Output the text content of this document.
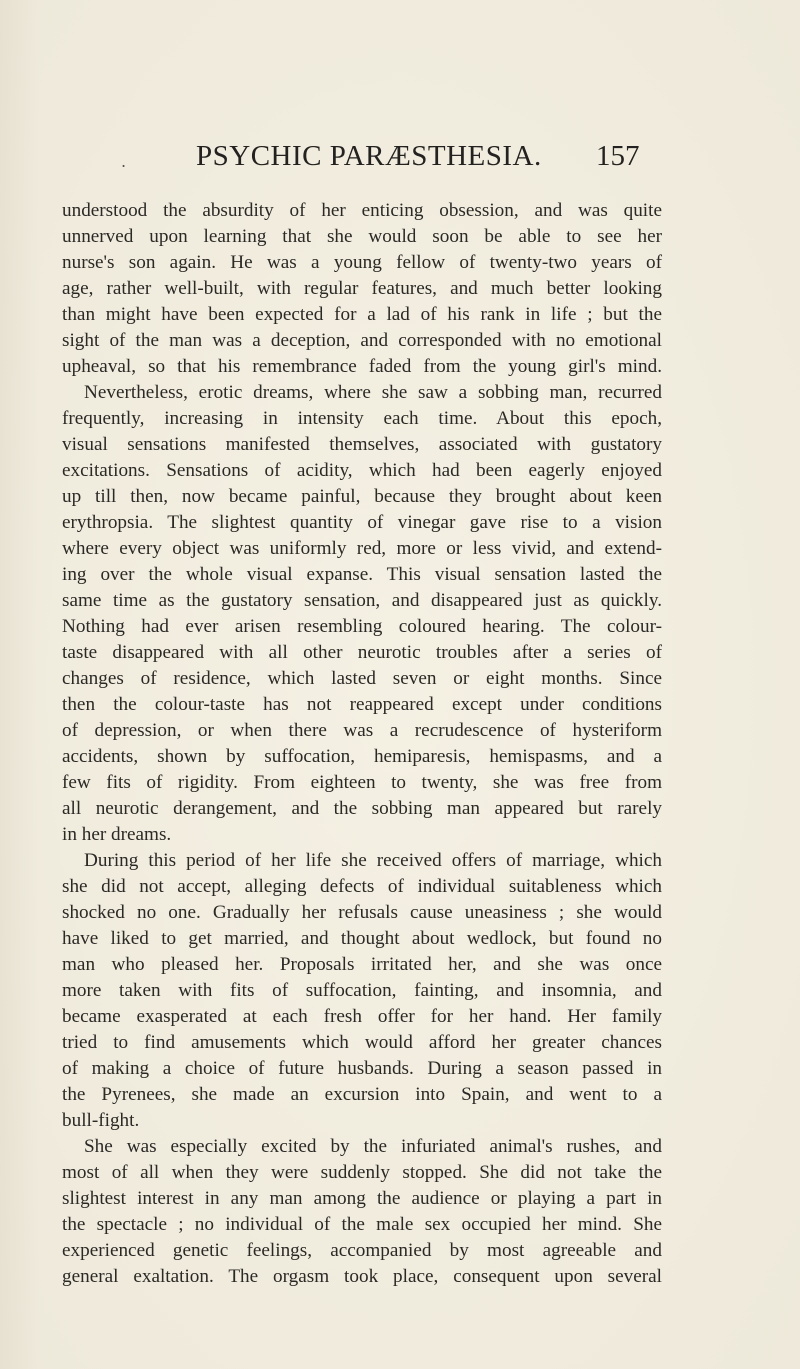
. PSYCHIC PARÆSTHESIA. 157
understood the absurdity of her enticing obsession, and was quite
unnerved upon learning that she would soon be able to see her
nurse's son again. He was a young fellow of twenty-two years of
age, rather well-built, with regular features, and much better looking
than might have been expected for a lad of his rank in life ; but the
sight of the man was a deception, and corresponded with no emotional
upheaval, so that his remembrance faded from the young girl's mind.
Nevertheless, erotic dreams, where she saw a sobbing man, recurred
frequently, increasing in intensity each time. About this epoch,
visual sensations manifested themselves, associated with gustatory
excitations. Sensations of acidity, which had been eagerly enjoyed
up till then, now became painful, because they brought about keen
erythropsia. The slightest quantity of vinegar gave rise to a vision
where every object was uniformly red, more or less vivid, and extend-
ing over the whole visual expanse. This visual sensation lasted the
same time as the gustatory sensation, and disappeared just as quickly.
Nothing had ever arisen resembling coloured hearing. The colour-
taste disappeared with all other neurotic troubles after a series of
changes of residence, which lasted seven or eight months. Since
then the colour-taste has not reappeared except under conditions
of depression, or when there was a recrudescence of hysteriform
accidents, shown by suffocation, hemiparesis, hemispasms, and a
few fits of rigidity. From eighteen to twenty, she was free from
all neurotic derangement, and the sobbing man appeared but rarely
in her dreams.
During this period of her life she received offers of marriage, which
she did not accept, alleging defects of individual suitableness which
shocked no one. Gradually her refusals cause uneasiness ; she would
have liked to get married, and thought about wedlock, but found no
man who pleased her. Proposals irritated her, and she was once
more taken with fits of suffocation, fainting, and insomnia, and
became exasperated at each fresh offer for her hand. Her family
tried to find amusements which would afford her greater chances
of making a choice of future husbands. During a season passed in
the Pyrenees, she made an excursion into Spain, and went to a
bull-fight.
She was especially excited by the infuriated animal's rushes, and
most of all when they were suddenly stopped. She did not take the
slightest interest in any man among the audience or playing a part in
the spectacle ; no individual of the male sex occupied her mind. She
experienced genetic feelings, accompanied by most agreeable and
general exaltation. The orgasm took place, consequent upon several
